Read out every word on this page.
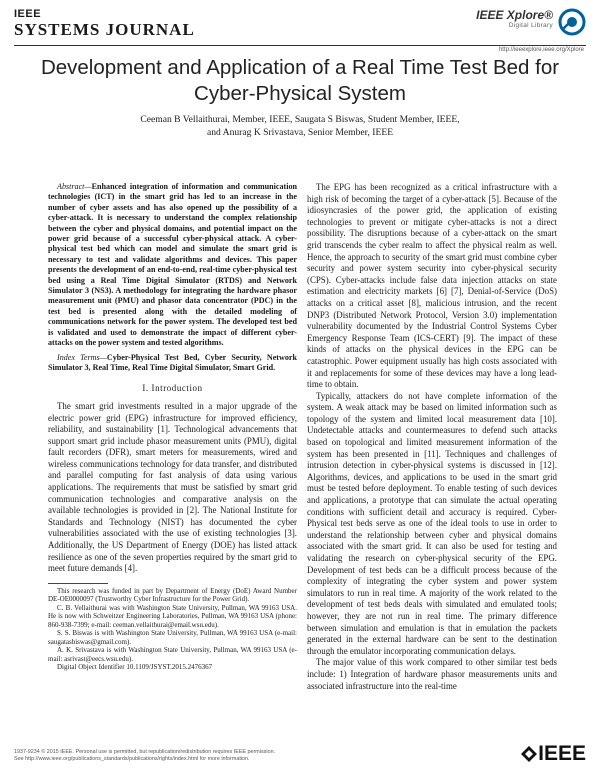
IEEE
SYSTEMS JOURNAL
IEEE Xplore®
Digital Library
http://ieeexplore.ieee.org/Xplore
Development and Application of a Real Time Test Bed for Cyber-Physical System
Ceeman B Vellaithurai, Member, IEEE, Saugata S Biswas, Student Member, IEEE,
and Anurag K Srivastava, Senior Member, IEEE

Abstract—Enhanced integration of information and communication technologies (ICT) in the smart grid has led to an increase in the number of cyber assets and has also opened up the possibility of a cyber-attack. It is necessary to understand the complex relationship between the cyber and physical domains, and potential impact on the power grid because of a successful cyber-physical attack. A cyber-physical test bed which can model and simulate the smart grid is necessary to test and validate algorithms and devices. This paper presents the development of an end-to-end, real-time cyber-physical test bed using a Real Time Digital Simulator (RTDS) and Network Simulator 3 (NS3). A methodology for integrating the hardware phasor measurement unit (PMU) and phasor data concentrator (PDC) in the test bed is presented along with the detailed modeling of communications network for the power system. The developed test bed is validated and used to demonstrate the impact of different cyber-attacks on the power system and tested algorithms.

Index Terms—Cyber-Physical Test Bed, Cyber Security, Network Simulator 3, Real Time, Real Time Digital Simulator, Smart Grid.

I. Introduction

The smart grid investments resulted in a major upgrade of the electric power grid (EPG) infrastructure for improved efficiency, reliability, and sustainability [1]. Technological advancements that support smart grid include phasor measurement units (PMU), digital fault recorders (DFR), smart meters for measurements, wired and wireless communications technology for data transfer, and distributed and parallel computing for fast analysis of data using various applications. The requirements that must be satisfied by smart grid communication technologies and comparative analysis on the available technologies is provided in [2]. The National Institute for Standards and Technology (NIST) has documented the cyber vulnerabilities associated with the use of existing technologies [3]. Additionally, the US Department of Energy (DOE) has listed attack resilience as one of the seven properties required by the smart grid to meet future demands [4].

This research was funded in part by Department of Energy (DoE) Award Number DE-OE0000097 (Trustworthy Cyber Infrastructure for the Power Grid).

C. B. Vellaithurai was with Washington State University, Pullman, WA 99163 USA. He is now with Schweitzer Engineering Laboratories, Pullman, WA 99163 USA (phone: 860-938-7399; e-mail: ceeman.vellaithurai@email.wsu.edu).

S. S. Biswas is with Washington State University, Pullman, WA 99163 USA (e-mail: saugatasbiswas@gmail.com).

A. K. Srivastava is with Washington State University, Pullman, WA 99163 USA (e-mail: asrivast@eecs.wsu.edu).

Digital Object Identifier 10.1109/JSYST.2015.2476367

The EPG has been recognized as a critical infrastructure with a high risk of becoming the target of a cyber-attack [5]. Because of the idiosyncrasies of the power grid, the application of existing technologies to prevent or mitigate cyber-attacks is not a direct possibility. The disruptions because of a cyber-attack on the smart grid transcends the cyber realm to affect the physical realm as well. Hence, the approach to security of the smart grid must combine cyber security and power system security into cyber-physical security (CPS). Cyber-attacks include false data injection attacks on state estimation and electricity markets [6] [7], Denial-of-Service (DoS) attacks on a critical asset [8], malicious intrusion, and the recent DNP3 (Distributed Network Protocol, Version 3.0) implementation vulnerability documented by the Industrial Control Systems Cyber Emergency Response Team (ICS-CERT) [9]. The impact of these kinds of attacks on the physical devices in the EPG can be catastrophic. Power equipment usually has high costs associated with it and replacements for some of these devices may have a long lead-time to obtain.

Typically, attackers do not have complete information of the system. A weak attack may be based on limited information such as topology of the system and limited local measurement data [10]. Undetectable attacks and countermeasures to defend such attacks based on topological and limited measurement information of the system has been presented in [11]. Techniques and challenges of intrusion detection in cyber-physical systems is discussed in [12]. Algorithms, devices, and applications to be used in the smart grid must be tested before deployment. To enable testing of such devices and applications, a prototype that can simulate the actual operating conditions with sufficient detail and accuracy is required. Cyber-Physical test beds serve as one of the ideal tools to use in order to understand the relationship between cyber and physical domains associated with the smart grid. It can also be used for testing and validating the research on cyber-physical security of the EPG. Development of test beds can be a difficult process because of the complexity of integrating the cyber system and power system simulators to run in real time. A majority of the work related to the development of test beds deals with simulated and emulated tools; however, they are not run in real time. The primary difference between simulation and emulation is that in emulation the packets generated in the external hardware can be sent to the destination through the emulator incorporating communication delays.

The major value of this work compared to other similar test beds include: 1) Integration of hardware phasor measurements units and associated infrastructure into the real-time

1937-9234 © 2015 IEEE. Personal use is permitted, but republication/redistribution requires IEEE permission.
See http://www.ieee.org/publications_standards/publications/rights/index.html for more information.	IEEE
